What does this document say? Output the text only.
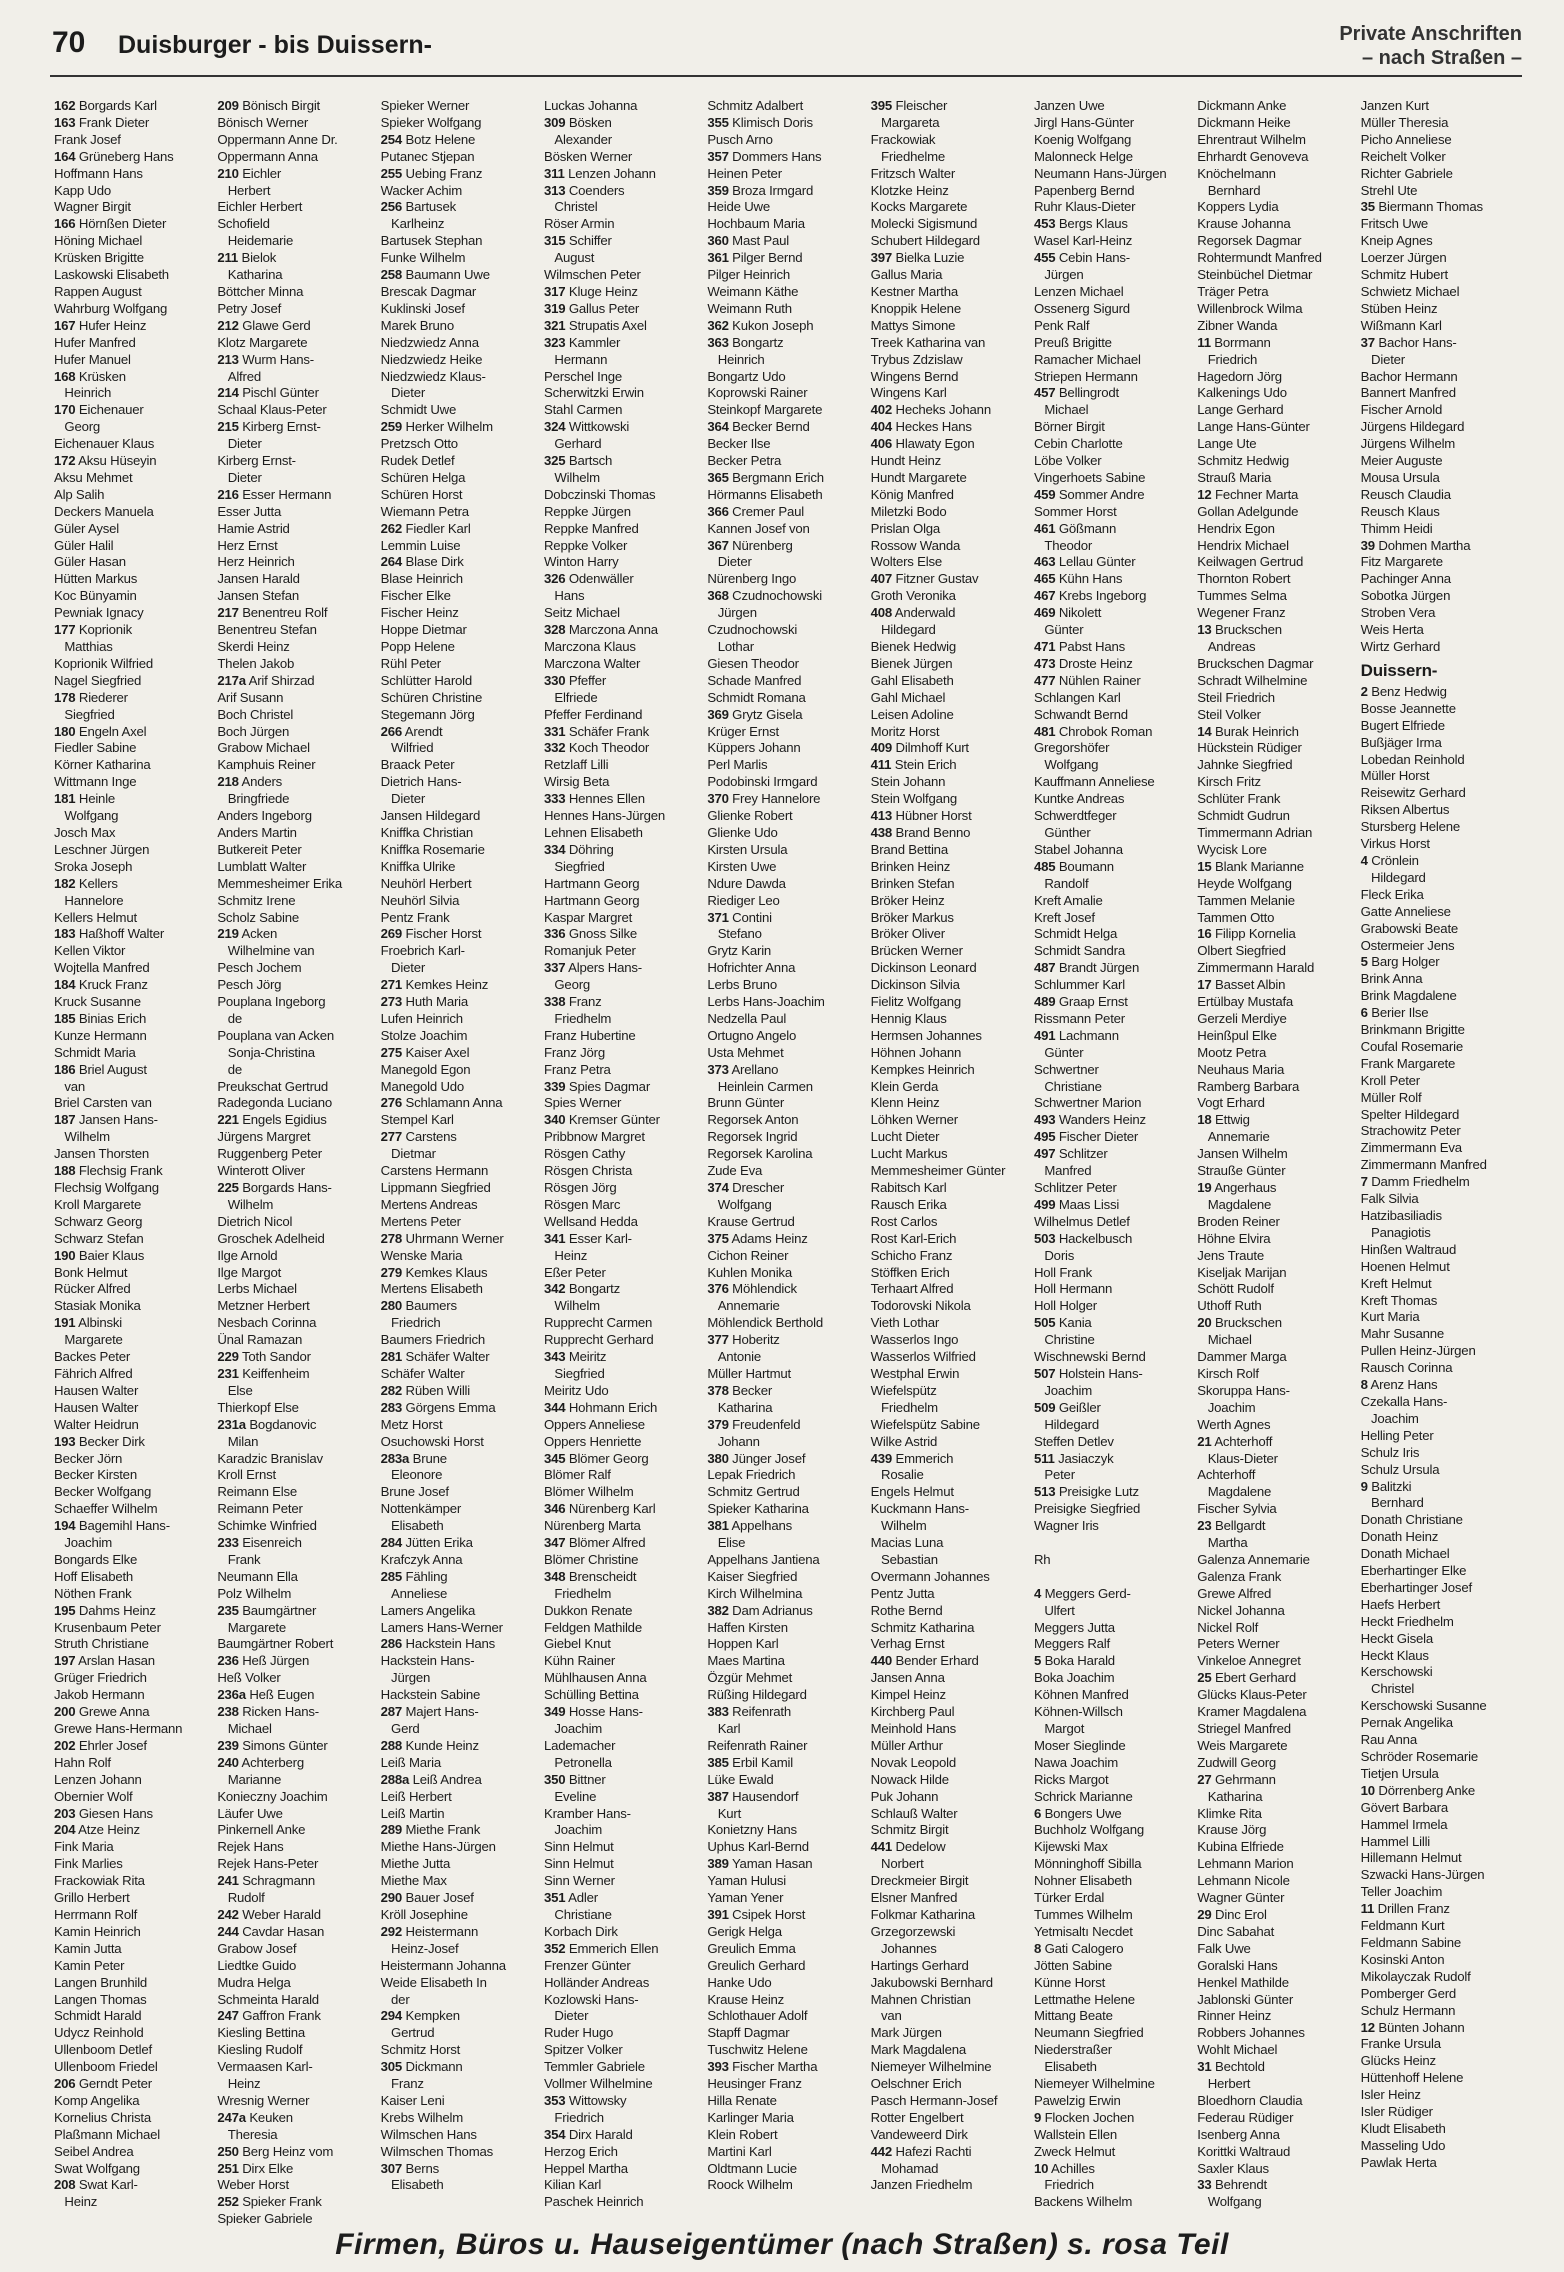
70 Duisburger - bis Duissern-	Private Anschriften
– nach Straßen –
162 Borgards Karl
163 Frank Dieter
Frank Josef
164 Grüneberg Hans
Hoffmann Hans
Kapp Udo
Wagner Birgit
166 Hörnßen Dieter
Höning Michael
Krüsken Brigitte
Laskowski Elisabeth
Rappen August
Wahrburg Wolfgang
167 Hufer Heinz
Hufer Manfred
Hufer Manuel
168 Krüsken
Heinrich
170 Eichenauer
Georg
Eichenauer Klaus
172 Aksu Hüseyin
Aksu Mehmet
Alp Salih
Deckers Manuela
Güler Aysel
Güler Halil
Güler Hasan
Hütten Markus
Koc Bünyamin
Pewniak Ignacy
177 Koprionik
Matthias
Koprionik Wilfried
Nagel Siegfried
178 Riederer
Siegfried
180 Engeln Axel
Fiedler Sabine
Körner Katharina
Wittmann Inge
181 Heinle
Wolfgang
Josch Max
Leschner Jürgen
Sroka Joseph
182 Kellers
Hannelore
Kellers Helmut
183 Haßhoff Walter
Kellen Viktor
Wojtella Manfred
184 Kruck Franz
Kruck Susanne
185 Binias Erich
Kunze Hermann
Schmidt Maria
186 Briel August
van
Briel Carsten van
187 Jansen Hans-
Wilhelm
Jansen Thorsten
188 Flechsig Frank
Flechsig Wolfgang
Kroll Margarete
Schwarz Georg
Schwarz Stefan
190 Baier Klaus
Bonk Helmut
Rücker Alfred
Stasiak Monika
191 Albinski
Margarete
Backes Peter
Fährich Alfred
Hausen Walter
Hausen Walter
Walter Heidrun
193 Becker Dirk
Becker Jörn
Becker Kirsten
Becker Wolfgang
Schaeffer Wilhelm
194 Bagemihl Hans-
Joachim
Bongards Elke
Hoff Elisabeth
Nöthen Frank
195 Dahms Heinz
Krusenbaum Peter
Struth Christiane
197 Arslan Hasan
Grüger Friedrich
Jakob Hermann
200 Grewe Anna
Grewe Hans-Hermann
202 Ehrler Josef
Hahn Rolf
Lenzen Johann
Obernier Wolf
203 Giesen Hans
204 Atze Heinz
Fink Maria
Fink Marlies
Frackowiak Rita
Grillo Herbert
Herrmann Rolf
Kamin Heinrich
Kamin Jutta
Kamin Peter
Langen Brunhild
Langen Thomas
Schmidt Harald
Udycz Reinhold
Ullenboom Detlef
Ullenboom Friedel
206 Gerndt Peter
Komp Angelika
Kornelius Christa
Plaßmann Michael
Seibel Andrea
Swat Wolfgang
208 Swat Karl-
Heinz
209 Bönisch Birgit
Bönisch Werner
Oppermann Anne Dr.
Oppermann Anna
210 Eichler
Herbert
Eichler Herbert
Schofield
Heidemarie
211 Bielok
Katharina
Böttcher Minna
Petry Josef
212 Glawe Gerd
Klotz Margarete
213 Wurm Hans-
Alfred
214 Pischl Günter
Schaal Klaus-Peter
215 Kirberg Ernst-
Dieter
Kirberg Ernst-
Dieter
216 Esser Hermann
Esser Jutta
Hamie Astrid
Herz Ernst
Herz Heinrich
Jansen Harald
Jansen Stefan
217 Benentreu Rolf
Benentreu Stefan
Skerdi Heinz
Thelen Jakob
217a Arif Shirzad
Arif Susann
Boch Christel
Boch Jürgen
Grabow Michael
Kamphuis Reiner
218 Anders
Bringfriede
Anders Ingeborg
Anders Martin
Butkereit Peter
Lumblatt Walter
Memmesheimer Erika
Schmitz Irene
Scholz Sabine
219 Acken
Wilhelmine van
Pesch Jochem
Pesch Jörg
Pouplana Ingeborg
de
Pouplana van Acken
Sonja-Christina
de
Preukschat Gertrud
Radegonda Luciano
221 Engels Egidius
Jürgens Margret
Ruggenberg Peter
Winterott Oliver
225 Borgards Hans-
Wilhelm
Dietrich Nicol
Groschek Adelheid
Ilge Arnold
Ilge Margot
Lerbs Michael
Metzner Herbert
Nesbach Corinna
Ünal Ramazan
229 Toth Sandor
231 Keiffenheim
Else
Thierkopf Else
231a Bogdanovic
Milan
Karadzic Branislav
Kroll Ernst
Reimann Else
Reimann Peter
Schimke Winfried
233 Eisenreich
Frank
Neumann Ella
Polz Wilhelm
235 Baumgärtner
Margarete
Baumgärtner Robert
236 Heß Jürgen
Heß Volker
236a Heß Eugen
238 Ricken Hans-
Michael
239 Simons Günter
240 Achterberg
Marianne
Konieczny Joachim
Läufer Uwe
Pinkernell Anke
Rejek Hans
Rejek Hans-Peter
241 Schragmann
Rudolf
242 Weber Harald
244 Cavdar Hasan
Grabow Josef
Liedtke Guido
Mudra Helga
Schmeinta Harald
247 Gaffron Frank
Kiesling Bettina
Kiesling Rudolf
Vermaasen Karl-
Heinz
Wresnig Werner
247a Keuken
Theresia
250 Berg Heinz vom
251 Dirx Elke
Weber Horst
252 Spieker Frank
Spieker Gabriele
Spieker Werner
Spieker Wolfgang
254 Botz Helene
Putanec Stjepan
255 Uebing Franz
Wacker Achim
256 Bartusek
Karlheinz
Bartusek Stephan
Funke Wilhelm
258 Baumann Uwe
Brescak Dagmar
Kuklinski Josef
Marek Bruno
Niedzwiedz Anna
Niedzwiedz Heike
Niedzwiedz Klaus-
Dieter
Schmidt Uwe
259 Herker Wilhelm
Pretzsch Otto
Rudek Detlef
Schüren Helga
Schüren Horst
Wiemann Petra
262 Fiedler Karl
Lemmin Luise
264 Blase Dirk
Blase Heinrich
Fischer Elke
Fischer Heinz
Hoppe Dietmar
Popp Helene
Rühl Peter
Schlütter Harold
Schüren Christine
Stegemann Jörg
266 Arendt
Wilfried
Braack Peter
Dietrich Hans-
Dieter
Jansen Hildegard
Kniffka Christian
Kniffka Rosemarie
Kniffka Ulrike
Neuhörl Herbert
Neuhörl Silvia
Pentz Frank
269 Fischer Horst
Froebrich Karl-
Dieter
271 Kemkes Heinz
273 Huth Maria
Lufen Heinrich
Stolze Joachim
275 Kaiser Axel
Manegold Egon
Manegold Udo
276 Schlamann Anna
Stempel Karl
277 Carstens
Dietmar
Carstens Hermann
Lippmann Siegfried
Mertens Andreas
Mertens Peter
278 Uhrmann Werner
Wenske Maria
279 Kemkes Klaus
Mertens Elisabeth
280 Baumers
Friedrich
Baumers Friedrich
281 Schäfer Walter
Schäfer Walter
282 Rüben Willi
283 Görgens Emma
Metz Horst
Osuchowski Horst
283a Brune
Eleonore
Brune Josef
Nottenkämper
Elisabeth
284 Jütten Erika
Krafczyk Anna
285 Fähling
Anneliese
Lamers Angelika
Lamers Hans-Werner
286 Hackstein Hans
Hackstein Hans-
Jürgen
Hackstein Sabine
287 Majert Hans-
Gerd
288 Kunde Heinz
Leiß Maria
288a Leiß Andrea
Leiß Herbert
Leiß Martin
289 Miethe Frank
Miethe Hans-Jürgen
Miethe Jutta
Miethe Max
290 Bauer Josef
Kröll Josephine
292 Heistermann
Heinz-Josef
Heistermann Johanna
Weide Elisabeth In
der
294 Kempken
Gertrud
Schmitz Horst
305 Dickmann
Franz
Kaiser Leni
Krebs Wilhelm
Wilmschen Hans
Wilmschen Thomas
307 Berns
Elisabeth
Luckas Johanna
309 Bösken
Alexander
Bösken Werner
311 Lenzen Johann
313 Coenders
Christel
Röser Armin
315 Schiffer
August
Wilmschen Peter
317 Kluge Heinz
319 Gallus Peter
321 Strupatis Axel
323 Kammler
Hermann
Perschel Inge
Scherwitzki Erwin
Stahl Carmen
324 Wittkowski
Gerhard
325 Bartsch
Wilhelm
Dobczinski Thomas
Reppke Jürgen
Reppke Manfred
Reppke Volker
Winton Harry
326 Odenwäller
Hans
Seitz Michael
328 Marczona Anna
Marczona Klaus
Marczona Walter
330 Pfeffer
Elfriede
Pfeffer Ferdinand
331 Schäfer Frank
332 Koch Theodor
Retzlaff Lilli
Wirsig Beta
333 Hennes Ellen
Hennes Hans-Jürgen
Lehnen Elisabeth
334 Döhring
Siegfried
Hartmann Georg
Hartmann Georg
Kaspar Margret
336 Gnoss Silke
Romanjuk Peter
337 Alpers Hans-
Georg
338 Franz
Friedhelm
Franz Hubertine
Franz Jörg
Franz Petra
339 Spies Dagmar
Spies Werner
340 Kremser Günter
Pribbnow Margret
Rösgen Cathy
Rösgen Christa
Rösgen Jörg
Rösgen Marc
Wellsand Hedda
341 Esser Karl-
Heinz
Eßer Peter
342 Bongartz
Wilhelm
Rupprecht Carmen
Rupprecht Gerhard
343 Meiritz
Siegfried
Meiritz Udo
344 Hohmann Erich
Oppers Anneliese
Oppers Henriette
345 Blömer Georg
Blömer Ralf
Blömer Wilhelm
346 Nürenberg Karl
Nürenberg Marta
347 Blömer Alfred
Blömer Christine
348 Brenscheidt
Friedhelm
Dukkon Renate
Feldgen Mathilde
Giebel Knut
Kühn Rainer
Mühlhausen Anna
Schülling Bettina
349 Hosse Hans-
Joachim
Lademacher
Petronella
350 Bittner
Eveline
Kramber Hans-
Joachim
Sinn Helmut
Sinn Helmut
Sinn Werner
351 Adler
Christiane
Korbach Dirk
352 Emmerich Ellen
Frenzer Günter
Holländer Andreas
Kozlowski Hans-
Dieter
Ruder Hugo
Spitzer Volker
Temmler Gabriele
Vollmer Wilhelmine
353 Wittowsky
Friedrich
354 Dirx Harald
Herzog Erich
Heppel Martha
Kilian Karl
Paschek Heinrich
Schmitz Adalbert
355 Klimisch Doris
Pusch Arno
357 Dommers Hans
Heinen Peter
359 Broza Irmgard
Heide Uwe
Hochbaum Maria
360 Mast Paul
361 Pilger Bernd
Pilger Heinrich
Weimann Käthe
Weimann Ruth
362 Kukon Joseph
363 Bongartz
Heinrich
Bongartz Udo
Koprowski Rainer
Steinkopf Margarete
364 Becker Bernd
Becker Ilse
Becker Petra
365 Bergmann Erich
Hörmanns Elisabeth
366 Cremer Paul
Kannen Josef von
367 Nürenberg
Dieter
Nürenberg Ingo
368 Czudnochowski
Jürgen
Czudnochowski
Lothar
Giesen Theodor
Schade Manfred
Schmidt Romana
369 Grytz Gisela
Krüger Ernst
Küppers Johann
Perl Marlis
Podobinski Irmgard
370 Frey Hannelore
Glienke Robert
Glienke Udo
Kirsten Ursula
Kirsten Uwe
Ndure Dawda
Riediger Leo
371 Contini
Stefano
Grytz Karin
Hofrichter Anna
Lerbs Bruno
Lerbs Hans-Joachim
Nedzella Paul
Ortugno Angelo
Usta Mehmet
373 Arellano
Heinlein Carmen
Brunn Günter
Regorsek Anton
Regorsek Ingrid
Regorsek Karolina
Zude Eva
374 Drescher
Wolfgang
Krause Gertrud
375 Adams Heinz
Cichon Reiner
Kuhlen Monika
376 Möhlendick
Annemarie
Möhlendick Berthold
377 Hoberitz
Antonie
Müller Hartmut
378 Becker
Katharina
379 Freudenfeld
Johann
380 Jünger Josef
Lepak Friedrich
Schmitz Gertrud
Spieker Katharina
381 Appelhans
Elise
Appelhans Jantiena
Kaiser Siegfried
Kirch Wilhelmina
382 Dam Adrianus
Haffen Kirsten
Hoppen Karl
Maes Martina
Özgür Mehmet
Rüßing Hildegard
383 Reifenrath
Karl
Reifenrath Rainer
385 Erbil Kamil
Lüke Ewald
387 Hausendorf
Kurt
Konietzny Hans
Uphus Karl-Bernd
389 Yaman Hasan
Yaman Hulusi
Yaman Yener
391 Csipek Horst
Gerigk Helga
Greulich Emma
Greulich Gerhard
Hanke Udo
Krause Heinz
Schlothauer Adolf
Stapff Dagmar
Tuschwitz Helene
393 Fischer Martha
Heusinger Franz
Hilla Renate
Karlinger Maria
Klein Robert
Martini Karl
Oldtmann Lucie
Roock Wilhelm
395 Fleischer
Margareta
Frackowiak
Friedhelme
Fritzsch Walter
Klotzke Heinz
Kocks Margarete
Molecki Sigismund
Schubert Hildegard
397 Bielka Luzie
Gallus Maria
Kestner Martha
Knoppik Helene
Mattys Simone
Treek Katharina van
Trybus Zdzislaw
Wingens Bernd
Wingens Karl
402 Hecheks Johann
404 Heckes Hans
406 Hlawaty Egon
Hundt Heinz
Hundt Margarete
König Manfred
Miletzki Bodo
Prislan Olga
Rossow Wanda
Wolters Else
407 Fitzner Gustav
Groth Veronika
408 Anderwald
Hildegard
Bienek Hedwig
Bienek Jürgen
Gahl Elisabeth
Gahl Michael
Leisen Adoline
Moritz Horst
409 Dilmhoff Kurt
411 Stein Erich
Stein Johann
Stein Wolfgang
413 Hübner Horst
438 Brand Benno
Brand Bettina
Brinken Heinz
Brinken Stefan
Bröker Heinz
Bröker Markus
Bröker Oliver
Brücken Werner
Dickinson Leonard
Dickinson Silvia
Fielitz Wolfgang
Hennig Klaus
Hermsen Johannes
Höhnen Johann
Kempkes Heinrich
Klein Gerda
Klenn Heinz
Löhken Werner
Lucht Dieter
Lucht Markus
Memmesheimer Günter
Rabitsch Karl
Rausch Erika
Rost Carlos
Rost Karl-Erich
Schicho Franz
Stöffken Erich
Terhaart Alfred
Todorovski Nikola
Vieth Lothar
Wasserlos Ingo
Wasserlos Wilfried
Westphal Erwin
Wiefelspütz
Friedhelm
Wiefelspütz Sabine
Wilke Astrid
439 Emmerich
Rosalie
Engels Helmut
Kuckmann Hans-
Wilhelm
Macias Luna
Sebastian
Overmann Johannes
Pentz Jutta
Rothe Bernd
Schmitz Katharina
Verhag Ernst
440 Bender Erhard
Jansen Anna
Kimpel Heinz
Kirchberg Paul
Meinhold Hans
Müller Arthur
Novak Leopold
Nowack Hilde
Puk Johann
Schlauß Walter
Schmitz Birgit
441 Dedelow
Norbert
Dreckmeier Birgit
Elsner Manfred
Folkmar Katharina
Grzegorzewski
Johannes
Hartings Gerhard
Jakubowski Bernhard
Mahnen Christian
van
Mark Jürgen
Mark Magdalena
Niemeyer Wilhelmine
Oelschner Erich
Pasch Hermann-Josef
Rotter Engelbert
Vandeweerd Dirk
442 Hafezi Rachti
Mohamad
Janzen Friedhelm
Janzen Uwe
Jirgl Hans-Günter
Koenig Wolfgang
Malonneck Helge
Neumann Hans-Jürgen
Papenberg Bernd
Ruhr Klaus-Dieter
453 Bergs Klaus
Wasel Karl-Heinz
455 Cebin Hans-
Jürgen
Lenzen Michael
Ossenerg Sigurd
Penk Ralf
Preuß Brigitte
Ramacher Michael
Striepen Hermann
457 Bellingrodt
Michael
Börner Birgit
Cebin Charlotte
Löbe Volker
Vingerhoets Sabine
459 Sommer Andre
Sommer Horst
461 Gößmann
Theodor
463 Lellau Günter
465 Kühn Hans
467 Krebs Ingeborg
469 Nikolett
Günter
471 Pabst Hans
473 Droste Heinz
477 Nühlen Rainer
Schlangen Karl
Schwandt Bernd
481 Chrobok Roman
Gregorshöfer
Wolfgang
Kauffmann Anneliese
Kuntke Andreas
Schwerdtfeger
Günther
Stabel Johanna
485 Boumann
Randolf
Kreft Amalie
Kreft Josef
Schmidt Helga
Schmidt Sandra
487 Brandt Jürgen
Schlummer Karl
489 Graap Ernst
Rissmann Peter
491 Lachmann
Günter
Schwertner
Christiane
Schwertner Marion
493 Wanders Heinz
495 Fischer Dieter
497 Schlitzer
Manfred
Schlitzer Peter
499 Maas Lissi
Wilhelmus Detlef
503 Hackelbusch
Doris
Holl Frank
Holl Hermann
Holl Holger
505 Kania
Christine
Wischnewski Bernd
507 Holstein Hans-
Joachim
509 Geißler
Hildegard
Steffen Detlev
511 Jasiaczyk
Peter
513 Preisigke Lutz
Preisigke Siegfried
Wagner Iris

Rh

4 Meggers Gerd-
Ulfert
Meggers Jutta
Meggers Ralf
5 Boka Harald
Boka Joachim
Köhnen Manfred
Köhnen-Willsch
Margot
Moser Sieglinde
Nawa Joachim
Ricks Margot
Schrick Marianne
6 Bongers Uwe
Buchholz Wolfgang
Kijewski Max
Mönninghoff Sibilla
Nohner Elisabeth
Türker Erdal
Tummes Wilhelm
Yetmisaltı Necdet
8 Gati Calogero
Jötten Sabine
Künne Horst
Lettmathe Helene
Mittang Beate
Neumann Siegfried
Niederstraßer
Elisabeth
Niemeyer Wilhelmine
Pawelzig Erwin
9 Flocken Jochen
Wallstein Ellen
Zweck Helmut
10 Achilles
Friedrich
Backens Wilhelm
Dickmann Anke
Dickmann Heike
Ehrentraut Wilhelm
Ehrhardt Genoveva
Knöchelmann
Bernhard
Koppers Lydia
Krause Johanna
Regorsek Dagmar
Rohtermundt Manfred
Steinbüchel Dietmar
Träger Petra
Willenbrock Wilma
Zibner Wanda
11 Borrmann
Friedrich
Hagedorn Jörg
Kalkenings Udo
Lange Gerhard
Lange Hans-Günter
Lange Ute
Schmitz Hedwig
Strauß Maria
12 Fechner Marta
Gollan Adelgunde
Hendrix Egon
Hendrix Michael
Keilwagen Gertrud
Thornton Robert
Tummes Selma
Wegener Franz
13 Bruckschen
Andreas
Bruckschen Dagmar
Schradt Wilhelmine
Steil Friedrich
Steil Volker
14 Burak Heinrich
Hückstein Rüdiger
Jahnke Siegfried
Kirsch Fritz
Schlüter Frank
Schmidt Gudrun
Timmermann Adrian
Wycisk Lore
15 Blank Marianne
Heyde Wolfgang
Tammen Melanie
Tammen Otto
16 Filipp Kornelia
Olbert Siegfried
Zimmermann Harald
17 Basset Albin
Ertülbay Mustafa
Gerzeli Merdiye
Heinßpul Elke
Mootz Petra
Neuhaus Maria
Ramberg Barbara
Vogt Erhard
18 Ettwig
Annemarie
Jansen Wilhelm
Strauße Günter
19 Angerhaus
Magdalene
Broden Reiner
Höhne Elvira
Jens Traute
Kiseljak Marijan
Schött Rudolf
Uthoff Ruth
20 Bruckschen
Michael
Dammer Marga
Kirsch Rolf
Skoruppa Hans-
Joachim
Werth Agnes
21 Achterhoff
Klaus-Dieter
Achterhoff
Magdalene
Fischer Sylvia
23 Bellgardt
Martha
Galenza Annemarie
Galenza Frank
Grewe Alfred
Nickel Johanna
Nickel Rolf
Peters Werner
Vinkeloe Annegret
25 Ebert Gerhard
Glücks Klaus-Peter
Kramer Magdalena
Striegel Manfred
Weis Margarete
Zudwill Georg
27 Gehrmann
Katharina
Klimke Rita
Krause Jörg
Kubina Elfriede
Lehmann Marion
Lehmann Nicole
Wagner Günter
29 Dinc Erol
Dinc Sabahat
Falk Uwe
Goralski Hans
Henkel Mathilde
Jablonski Günter
Rinner Heinz
Robbers Johannes
Wohlt Michael
31 Bechtold
Herbert
Bloedhorn Claudia
Federau Rüdiger
Isenberg Anna
Korittki Waltraud
Saxler Klaus
33 Behrendt
Wolfgang
Janzen Kurt
Müller Theresia
Picho Anneliese
Reichelt Volker
Richter Gabriele
Strehl Ute
35 Biermann Thomas
Fritsch Uwe
Kneip Agnes
Loerzer Jürgen
Schmitz Hubert
Schwietz Michael
Stüben Heinz
Wißmann Karl
37 Bachor Hans-
Dieter
Bachor Hermann
Bannert Manfred
Fischer Arnold
Jürgens Hildegard
Jürgens Wilhelm
Meier Auguste
Mousa Ursula
Reusch Claudia
Reusch Klaus
Thimm Heidi
39 Dohmen Martha
Fitz Margarete
Pachinger Anna
Sobotka Jürgen
Stroben Vera
Weis Herta
Wirtz Gerhard
Duissern-
2 Benz Hedwig
Bosse Jeannette
Bugert Elfriede
Bußjäger Irma
Lobedan Reinhold
Müller Horst
Reisewitz Gerhard
Riksen Albertus
Stursberg Helene
Virkus Horst
4 Crönlein
Hildegard
Fleck Erika
Gatte Anneliese
Grabowski Beate
Ostermeier Jens
5 Barg Holger
Brink Anna
Brink Magdalene
6 Berier Ilse
Brinkmann Brigitte
Coufal Rosemarie
Frank Margarete
Kroll Peter
Müller Rolf
Spelter Hildegard
Strachowitz Peter
Zimmermann Eva
Zimmermann Manfred
7 Damm Friedhelm
Falk Silvia
Hatzibasiliadis
Panagiotis
Hinßen Waltraud
Hoenen Helmut
Kreft Helmut
Kreft Thomas
Kurt Maria
Mahr Susanne
Pullen Heinz-Jürgen
Rausch Corinna
8 Arenz Hans
Czekalla Hans-
Joachim
Helling Peter
Schulz Iris
Schulz Ursula
9 Balitzki
Bernhard
Donath Christiane
Donath Heinz
Donath Michael
Eberhartinger Elke
Eberhartinger Josef
Haefs Herbert
Heckt Friedhelm
Heckt Gisela
Heckt Klaus
Kerschowski
Christel
Kerschowski Susanne
Pernak Angelika
Rau Anna
Schröder Rosemarie
Tietjen Ursula
10 Dörrenberg Anke
Gövert Barbara
Hammel Irmela
Hammel Lilli
Hillemann Helmut
Szwacki Hans-Jürgen
Teller Joachim
11 Drillen Franz
Feldmann Kurt
Feldmann Sabine
Kosinski Anton
Mikolayczak Rudolf
Pomberger Gerd
Schulz Hermann
12 Bünten Johann
Franke Ursula
Glücks Heinz
Hüttenhoff Helene
Isler Heinz
Isler Rüdiger
Kludt Elisabeth
Masseling Udo
Pawlak Herta
Firmen, Büros u. Hauseigentümer (nach Straßen) s. rosa Teil
